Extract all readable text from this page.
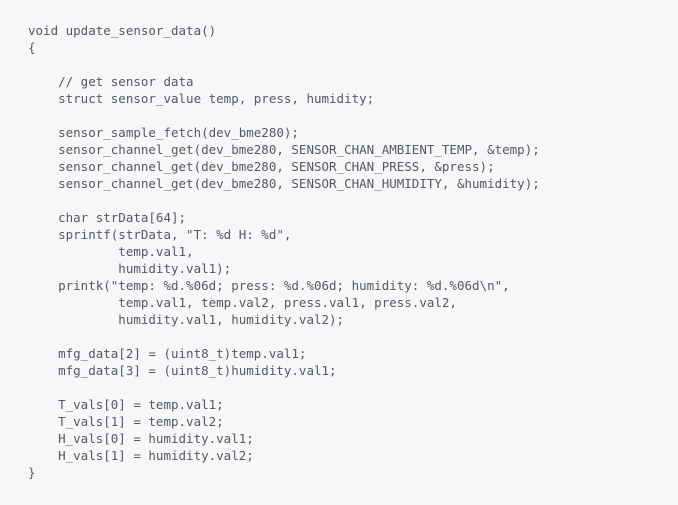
void update_sensor_data()
{
// get sensor data
struct sensor_value temp, press, humidity;
sensor_sample_fetch(dev_bme280);
sensor_channel_get(dev_bme280, SENSOR_CHAN_AMBIENT_TEMP, &temp);
sensor_channel_get(dev_bme280, SENSOR_CHAN_PRESS, &press);
sensor_channel_get(dev_bme280, SENSOR_CHAN_HUMIDITY, &humidity);
char strData[64];
sprintf(strData, "T: %d H: %d",
temp.val1,
humidity.val1);
printk("temp: %d.%06d; press: %d.%06d; humidity: %d.%06d\n",
temp.val1, temp.val2, press.val1, press.val2,
humidity.val1, humidity.val2);
mfg_data[2] = (uint8_t)temp.val1;
mfg_data[3] = (uint8_t)humidity.val1;
T_vals[0] = temp.val1;
T_vals[1] = temp.val2;
H_vals[0] = humidity.val1;
H_vals[1] = humidity.val2;
}
